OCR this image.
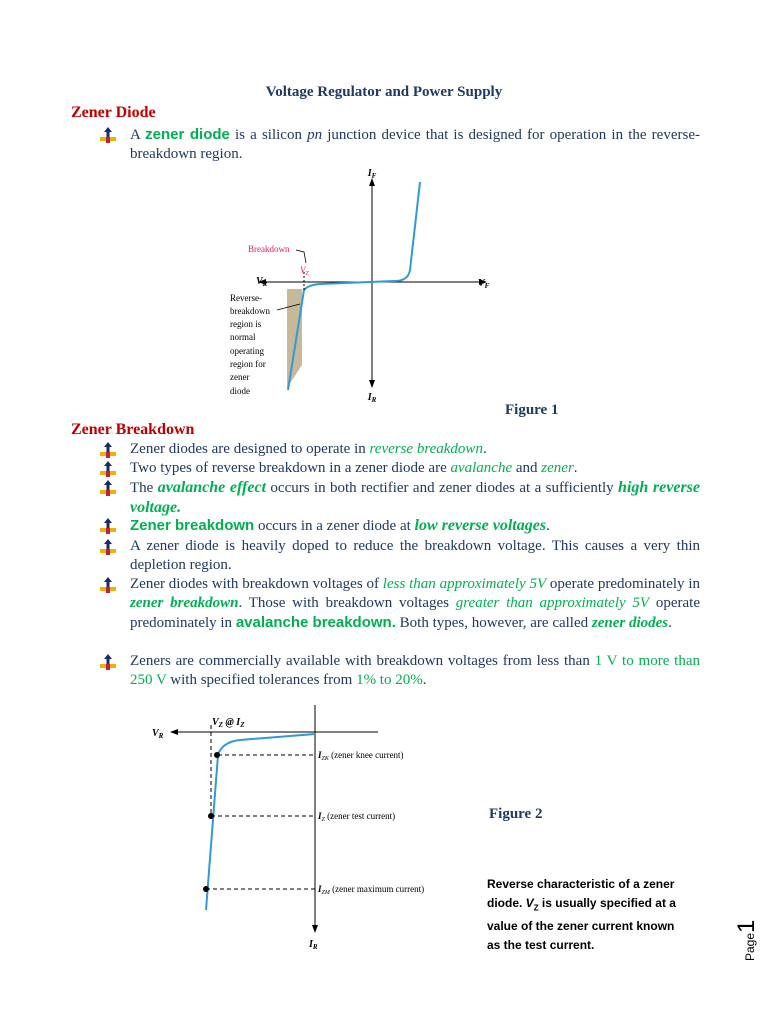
Voltage Regulator and Power Supply
Zener Diode
A zener diode is a silicon pn junction device that is designed for operation in the reverse-breakdown region.
$I_F$
$I_R$
$V_R$	$V_F$
Breakdown
$V_Z$
Reverse-
breakdown
region is
normal
operating
region for
zener
diode
Figure 1
Zener Breakdown
Zener diodes are designed to operate in reverse breakdown.
Two types of reverse breakdown in a zener diode are avalanche and zener.
The avalanche effect occurs in both rectifier and zener diodes at a sufficiently high reverse voltage.
Zener breakdown occurs in a zener diode at low reverse voltages.
A zener diode is heavily doped to reduce the breakdown voltage. This causes a very thin depletion region.
Zener diodes with breakdown voltages of less than approximately 5V operate predominately in zener breakdown. Those with breakdown voltages greater than approximately 5V operate predominately in avalanche breakdown. Both types, however, are called zener diodes.
Zeners are commercially available with breakdown voltages from less than 1 V to more than 250 V with specified tolerances from 1% to 20%.
$V_Z$ @ $I_Z$
$V_R$
$I_R$
$I_{ZK}$ (zener knee current)
$I_Z$ (zener test current)
$I_{ZM}$ (zener maximum current)
Figure 2
Reverse characteristic of a zener diode. $V_Z$ is usually specified at a value of the zener current known as the test current.	Page1
